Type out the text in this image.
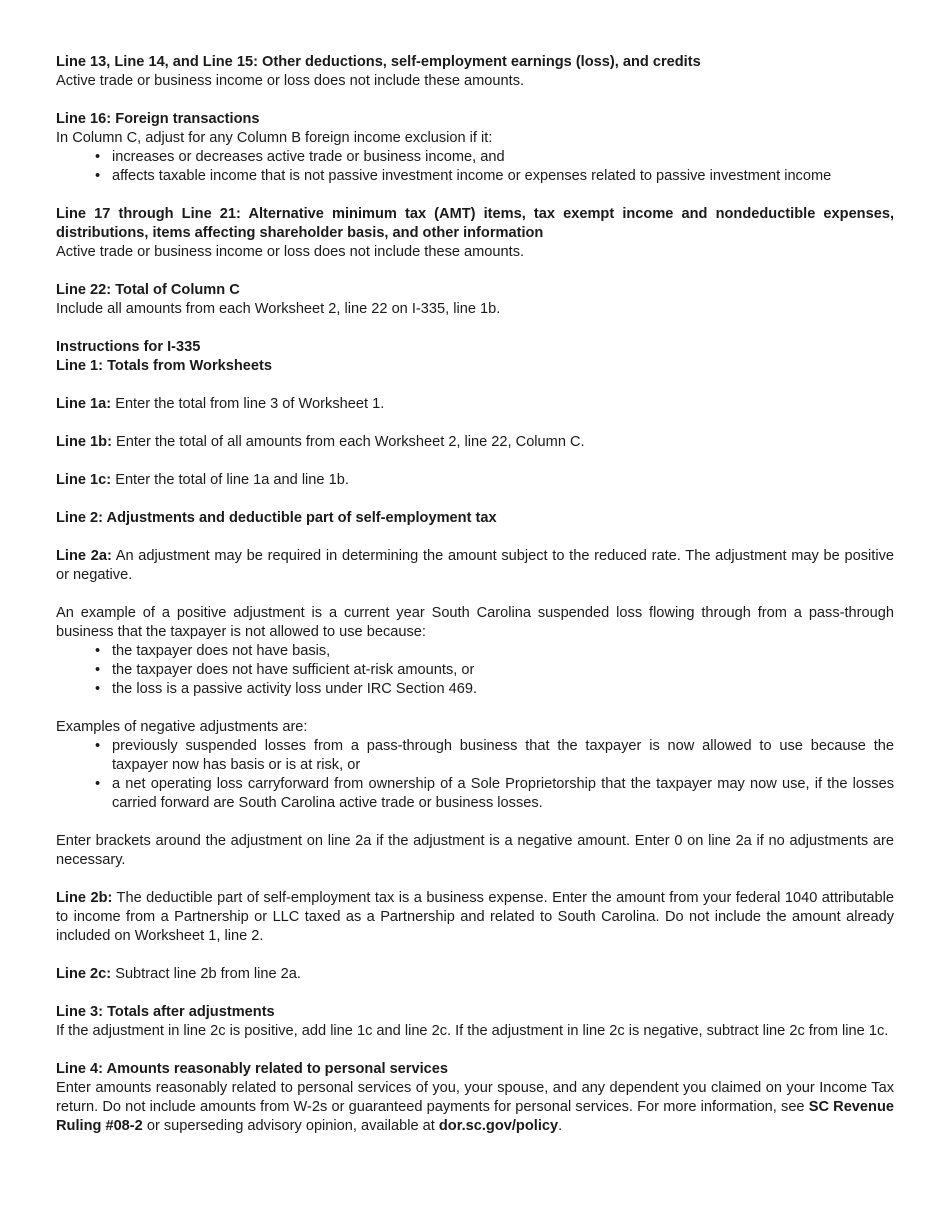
Line 13, Line 14, and Line 15: Other deductions, self-employment earnings (loss), and credits

Active trade or business income or loss does not include these amounts.

Line 16: Foreign transactions

In Column C, adjust for any Column B foreign income exclusion if it:

• increases or decreases active trade or business income, and
• affects taxable income that is not passive investment income or expenses related to passive investment income

Line 17 through Line 21: Alternative minimum tax (AMT) items, tax exempt income and nondeductible expenses, distributions, items affecting shareholder basis, and other information

Active trade or business income or loss does not include these amounts.

Line 22: Total of Column C

Include all amounts from each Worksheet 2, line 22 on I-335, line 1b.

Instructions for I-335

Line 1: Totals from Worksheets

Line 1a: Enter the total from line 3 of Worksheet 1.

Line 1b: Enter the total of all amounts from each Worksheet 2, line 22, Column C.

Line 1c: Enter the total of line 1a and line 1b.

Line 2: Adjustments and deductible part of self-employment tax

Line 2a: An adjustment may be required in determining the amount subject to the reduced rate. The adjustment may be positive or negative.

An example of a positive adjustment is a current year South Carolina suspended loss flowing through from a pass-through business that the taxpayer is not allowed to use because:

• the taxpayer does not have basis,
• the taxpayer does not have sufficient at-risk amounts, or
• the loss is a passive activity loss under IRC Section 469.

Examples of negative adjustments are:

• previously suspended losses from a pass-through business that the taxpayer is now allowed to use because the taxpayer now has basis or is at risk, or
• a net operating loss carryforward from ownership of a Sole Proprietorship that the taxpayer may now use, if the losses carried forward are South Carolina active trade or business losses.

Enter brackets around the adjustment on line 2a if the adjustment is a negative amount. Enter 0 on line 2a if no adjustments are necessary.

Line 2b: The deductible part of self-employment tax is a business expense. Enter the amount from your federal 1040 attributable to income from a Partnership or LLC taxed as a Partnership and related to South Carolina. Do not include the amount already included on Worksheet 1, line 2.

Line 2c: Subtract line 2b from line 2a.

Line 3: Totals after adjustments

If the adjustment in line 2c is positive, add line 1c and line 2c. If the adjustment in line 2c is negative, subtract line 2c from line 1c.

Line 4: Amounts reasonably related to personal services

Enter amounts reasonably related to personal services of you, your spouse, and any dependent you claimed on your Income Tax return. Do not include amounts from W-2s or guaranteed payments for personal services. For more information, see SC Revenue Ruling #08-2 or superseding advisory opinion, available at dor.sc.gov/policy.
